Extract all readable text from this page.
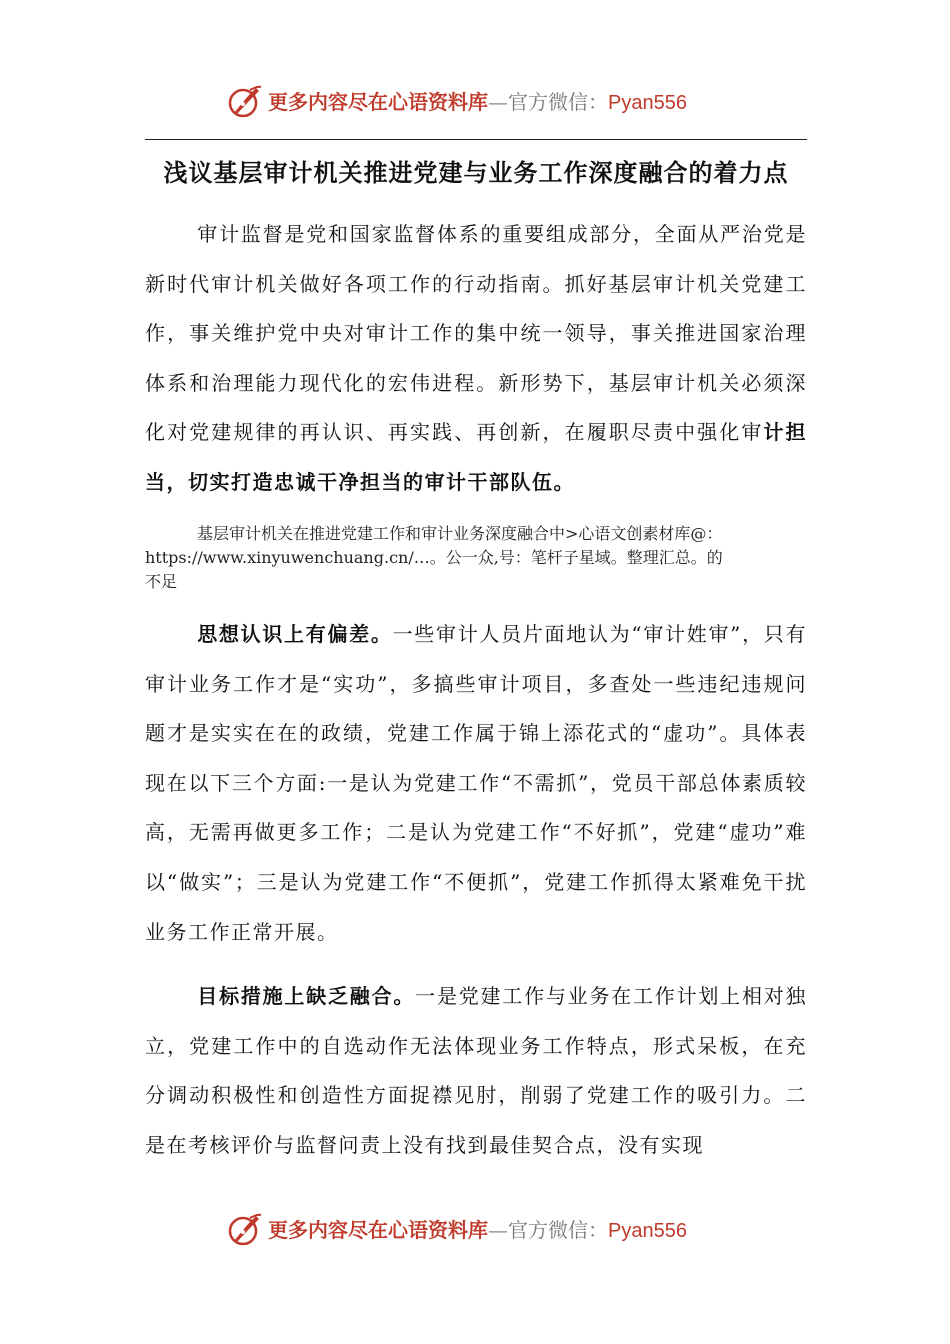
更多内容尽在心语资料库—官方微信：Pyan556
浅议基层审计机关推进党建与业务工作深度融合的着力点

审计监督是党和国家监督体系的重要组成部分，全面从严治党是新时代审计机关做好各项工作的行动指南。抓好基层审计机关党建工作，事关维护党中央对审计工作的集中统一领导，事关推进国家治理体系和治理能力现代化的宏伟进程。新形势下，基层审计机关必须深化对党建规律的再认识、再实践、再创新，在履职尽责中强化审计担当，切实打造忠诚干净担当的审计干部队伍。

基层审计机关在推进党建工作和审计业务深度融合中>心语文创素材库@：
https://www.xinyuwenchuang.cn/…。公一众,号：笔杆子星域。整理汇总。的
不足

思想认识上有偏差。一些审计人员片面地认为“审计姓审”，只有审计业务工作才是“实功”，多搞些审计项目，多查处一些违纪违规问题才是实实在在的政绩，党建工作属于锦上添花式的“虚功”。具体表现在以下三个方面:一是认为党建工作“不需抓”，党员干部总体素质较高，无需再做更多工作；二是认为党建工作“不好抓”，党建“虚功”难以“做实”；三是认为党建工作“不便抓”，党建工作抓得太紧难免干扰业务工作正常开展。

目标措施上缺乏融合。一是党建工作与业务在工作计划上相对独立，党建工作中的自选动作无法体现业务工作特点，形式呆板，在充分调动积极性和创造性方面捉襟见肘，削弱了党建工作的吸引力。二是在考核评价与监督问责上没有找到最佳契合点，没有实现

更多内容尽在心语资料库—官方微信：Pyan556
